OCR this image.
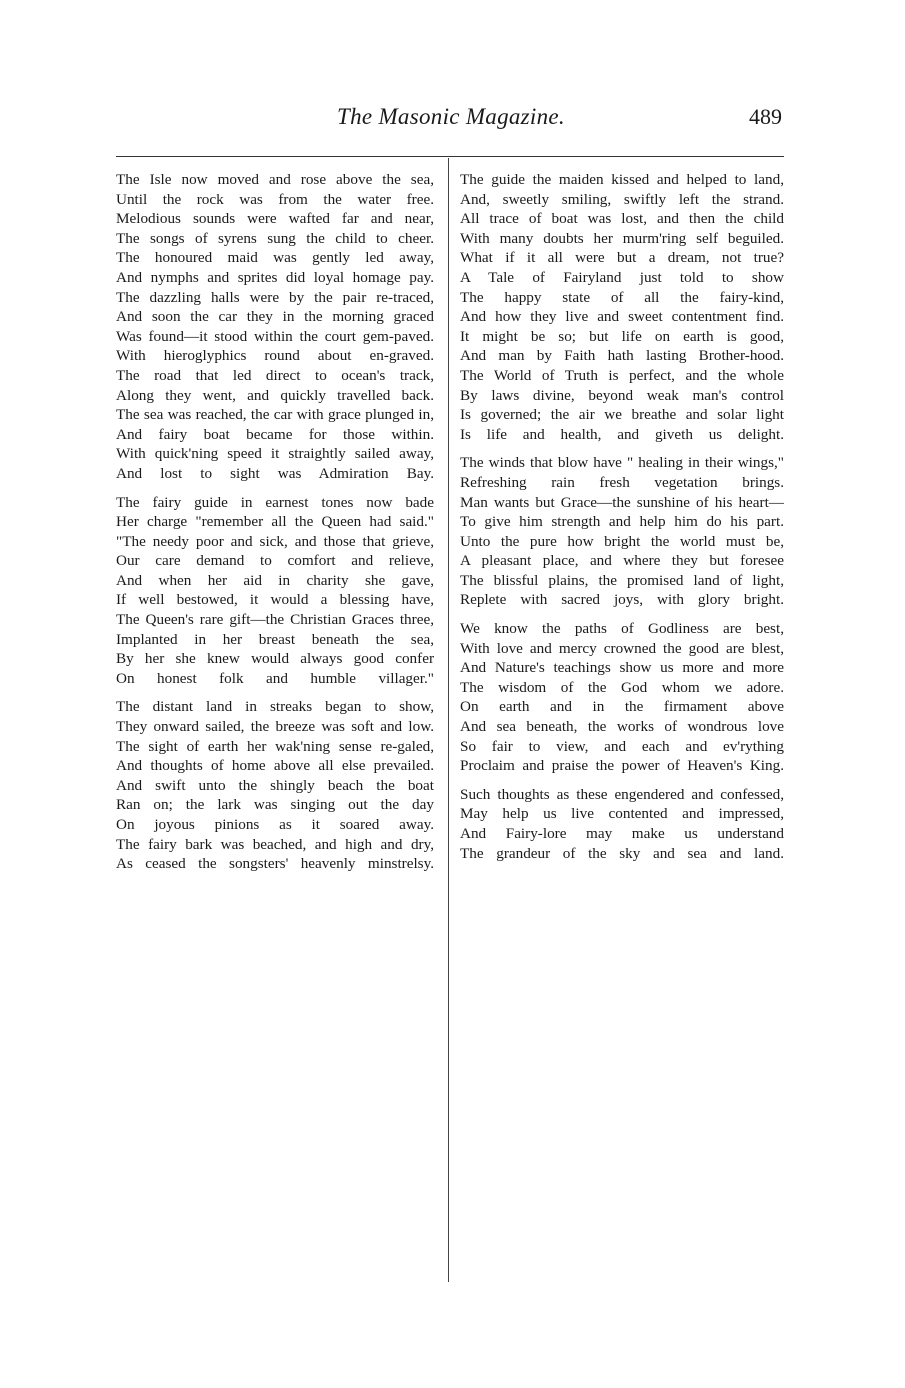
The Masonic Magazine.	489
The Isle now moved and rose above the sea,
Until the rock was from the water free.
Melodious sounds were wafted far and near,
The songs of syrens sung the child to cheer.
The honoured maid was gently led away,
And nymphs and sprites did loyal homage pay.
The dazzling halls were by the pair re-traced,
And soon the car they in the morning graced
Was found—it stood within the court gem-paved.
With hieroglyphics round about en-graved.
The road that led direct to ocean's track,
Along they went, and quickly travelled back.
The sea was reached, the car with grace plunged in,
And fairy boat became for those within.
With quick'ning speed it straightly sailed away,
And lost to sight was Admiration Bay.
The fairy guide in earnest tones now bade
Her charge "remember all the Queen had said."
"The needy poor and sick, and those that grieve,
Our care demand to comfort and relieve,
And when her aid in charity she gave,
If well bestowed, it would a blessing have,
The Queen's rare gift—the Christian Graces three,
Implanted in her breast beneath the sea,
By her she knew would always good confer
On honest folk and humble villager."
The distant land in streaks began to show,
They onward sailed, the breeze was soft and low.
The sight of earth her wak'ning sense re-galed,
And thoughts of home above all else prevailed.
And swift unto the shingly beach the boat
Ran on; the lark was singing out the day
On joyous pinions as it soared away.
The fairy bark was beached, and high and dry,
As ceased the songsters' heavenly minstrelsy.
The guide the maiden kissed and helped to land,
And, sweetly smiling, swiftly left the strand.
All trace of boat was lost, and then the child
With many doubts her murm'ring self beguiled.
What if it all were but a dream, not true?
A Tale of Fairyland just told to show
The happy state of all the fairy-kind,
And how they live and sweet contentment find.
It might be so; but life on earth is good,
And man by Faith hath lasting Brother-hood.
The World of Truth is perfect, and the whole
By laws divine, beyond weak man's control
Is governed; the air we breathe and solar light
Is life and health, and giveth us delight.
The winds that blow have " healing in their wings,"
Refreshing rain fresh vegetation brings.
Man wants but Grace—the sunshine of his heart—
To give him strength and help him do his part.
Unto the pure how bright the world must be,
A pleasant place, and where they but foresee
The blissful plains, the promised land of light,
Replete with sacred joys, with glory bright.
We know the paths of Godliness are best,
With love and mercy crowned the good are blest,
And Nature's teachings show us more and more
The wisdom of the God whom we adore.
On earth and in the firmament above
And sea beneath, the works of wondrous love
So fair to view, and each and ev'rything
Proclaim and praise the power of Heaven's King.
Such thoughts as these engendered and confessed,
May help us live contented and impressed,
And Fairy-lore may make us understand
The grandeur of the sky and sea and land.
